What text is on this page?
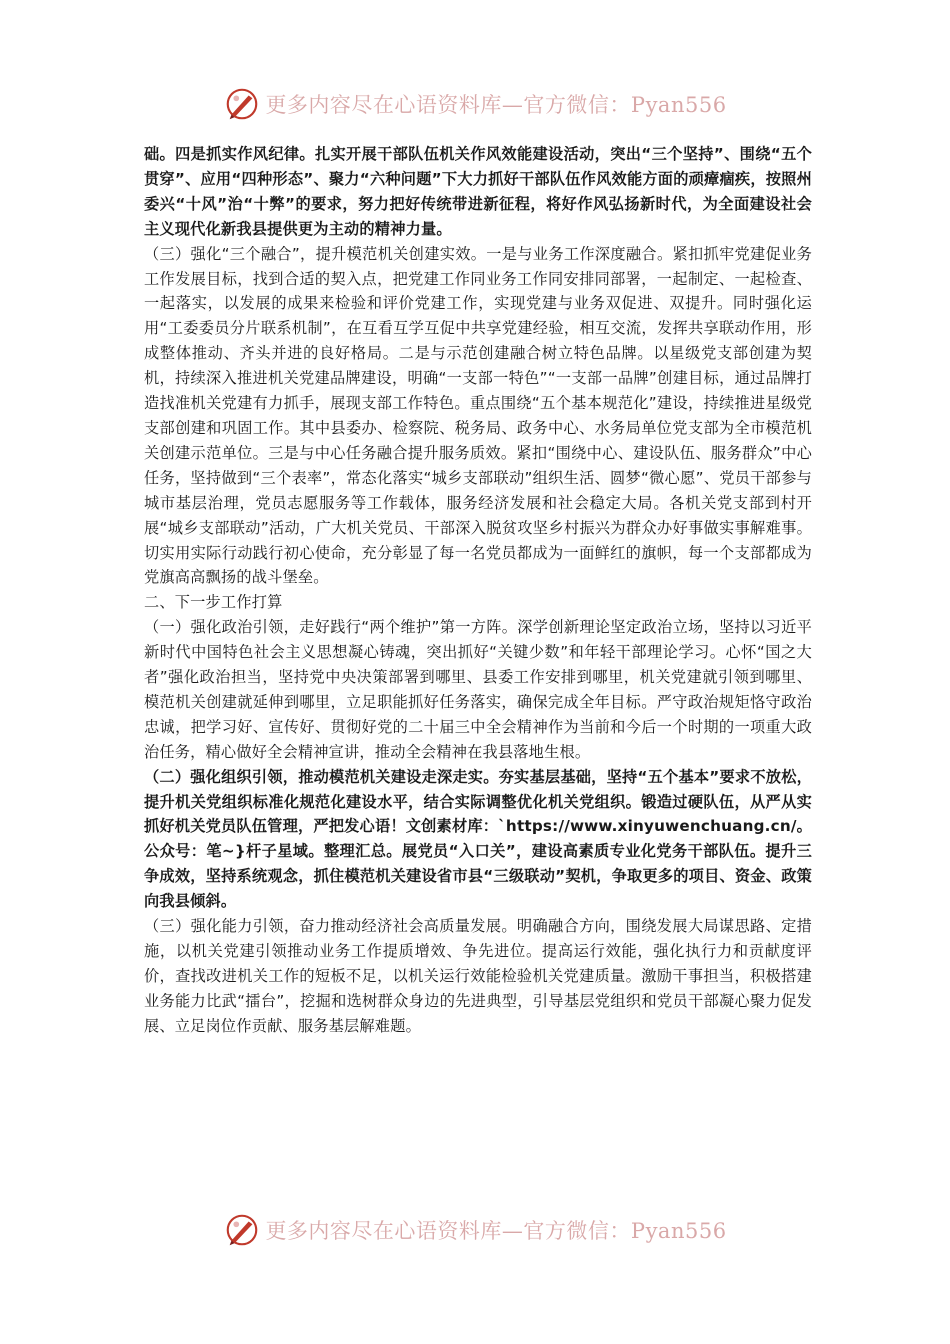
更多内容尽在心语资料库—官方微信：Pyan556

础。四是抓实作风纪律。扎实开展干部队伍机关作风效能建设活动，突出“三个坚持”、围绕“五个贯穿”、应用“四种形态”、聚力“六种问题”下大力抓好干部队伍作风效能方面的顽瘴痼疾，按照州委兴“十风”治“十弊”的要求，努力把好传统带进新征程，将好作风弘扬新时代，为全面建设社会主义现代化新我县提供更为主动的精神力量。

（三）强化“三个融合”，提升模范机关创建实效。一是与业务工作深度融合。紧扣抓牢党建促业务工作发展目标，找到合适的契入点，把党建工作同业务工作同安排同部署，一起制定、一起检查、一起落实，以发展的成果来检验和评价党建工作，实现党建与业务双促进、双提升。同时强化运用“工委委员分片联系机制”，在互看互学互促中共享党建经验，相互交流，发挥共享联动作用，形成整体推动、齐头并进的良好格局。二是与示范创建融合树立特色品牌。以星级党支部创建为契机，持续深入推进机关党建品牌建设，明确“一支部一特色”“一支部一品牌”创建目标，通过品牌打造找准机关党建有力抓手，展现支部工作特色。重点围绕“五个基本规范化”建设，持续推进星级党支部创建和巩固工作。其中县委办、检察院、税务局、政务中心、水务局单位党支部为全市模范机关创建示范单位。三是与中心任务融合提升服务质效。紧扣“围绕中心、建设队伍、服务群众”中心任务，坚持做到“三个表率”，常态化落实“城乡支部联动”组织生活、圆梦“微心愿”、党员干部参与城市基层治理，党员志愿服务等工作载体，服务经济发展和社会稳定大局。各机关党支部到村开展“城乡支部联动”活动，广大机关党员、干部深入脱贫攻坚乡村振兴为群众办好事做实事解难事。切实用实际行动践行初心使命，充分彰显了每一名党员都成为一面鲜红的旗帜，每一个支部都成为党旗高高飘扬的战斗堡垒。

二、下一步工作打算

（一）强化政治引领，走好践行“两个维护”第一方阵。深学创新理论坚定政治立场，坚持以习近平新时代中国特色社会主义思想凝心铸魂，突出抓好“关键少数”和年轻干部理论学习。心怀“国之大者”强化政治担当，坚持党中央决策部署到哪里、县委工作安排到哪里，机关党建就引领到哪里、模范机关创建就延伸到哪里，立足职能抓好任务落实，确保完成全年目标。严守政治规矩恪守政治忠诚，把学习好、宣传好、贯彻好党的二十届三中全会精神作为当前和今后一个时期的一项重大政治任务，精心做好全会精神宣讲，推动全会精神在我县落地生根。

（二）强化组织引领，推动模范机关建设走深走实。夯实基层基础，坚持“五个基本”要求不放松，提升机关党组织标准化规范化建设水平，结合实际调整优化机关党组织。锻造过硬队伍，从严从实抓好机关党员队伍管理，严把发心语！文创素材库：`https://www.xinyuwenchuang.cn/。公众号：笔~}杆子星域。整理汇总。展党员“入口关”，建设高素质专业化党务干部队伍。提升三争成效，坚持系统观念，抓住模范机关建设省市县“三级联动”契机，争取更多的项目、资金、政策向我县倾斜。

（三）强化能力引领，奋力推动经济社会高质量发展。明确融合方向，围绕发展大局谋思路、定措施，以机关党建引领推动业务工作提质增效、争先进位。提高运行效能，强化执行力和贡献度评价，查找改进机关工作的短板不足，以机关运行效能检验机关党建质量。激励干事担当，积极搭建业务能力比武“擂台”，挖掘和选树群众身边的先进典型，引导基层党组织和党员干部凝心聚力促发展、立足岗位作贡献、服务基层解难题。

更多内容尽在心语资料库—官方微信：Pyan556
